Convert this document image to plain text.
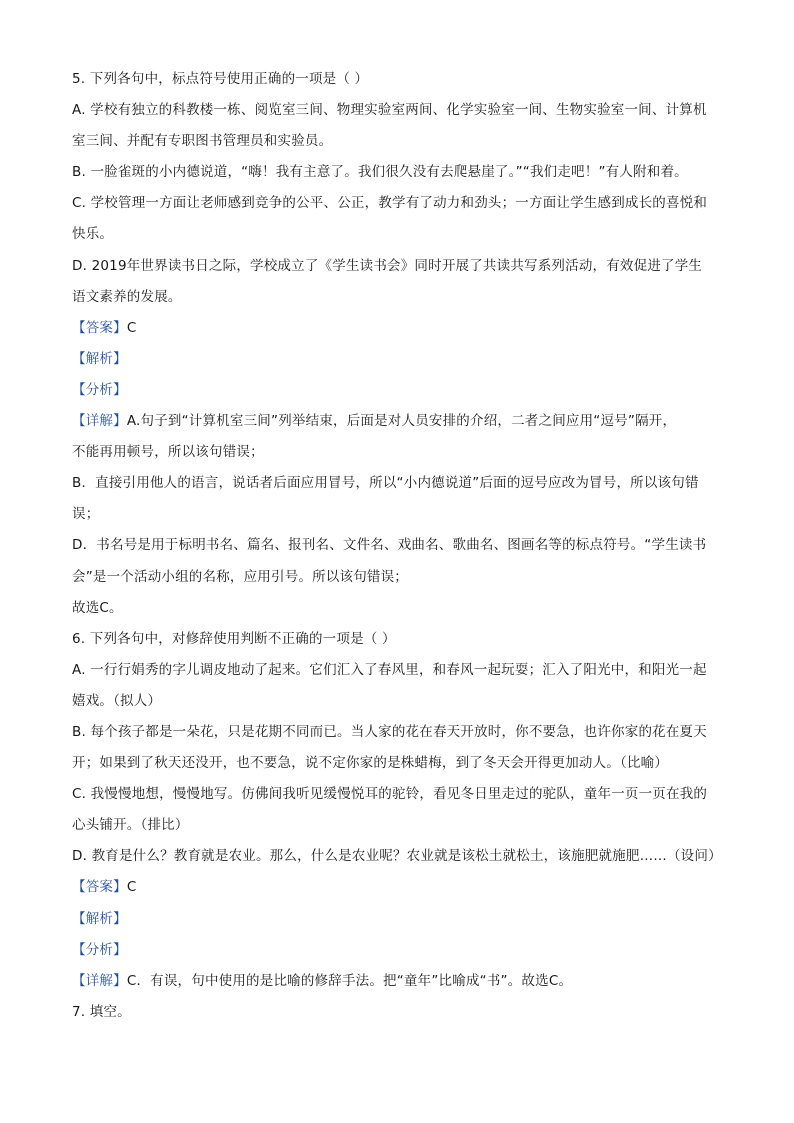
5. 下列各句中，标点符号使用正确的一项是（ ）
A. 学校有独立的科教楼一栋、阅览室三间、物理实验室两间、化学实验室一间、生物实验室一间、计算机
室三间、并配有专职图书管理员和实验员。
B. 一脸雀斑的小内德说道，“嗨！我有主意了。我们很久没有去爬悬崖了。”“我们走吧！”有人附和着。
C. 学校管理一方面让老师感到竞争的公平、公正，教学有了动力和劲头；一方面让学生感到成长的喜悦和
快乐。
D. 2019年世界读书日之际，学校成立了《学生读书会》同时开展了共读共写系列活动，有效促进了学生
语文素养的发展。
【答案】C
【解析】
【分析】
【详解】A.句子到“计算机室三间”列举结束，后面是对人员安排的介绍，二者之间应用“逗号”隔开，
不能再用顿号，所以该句错误；
B．直接引用他人的语言，说话者后面应用冒号，所以“小内德说道”后面的逗号应改为冒号，所以该句错
误；
D．书名号是用于标明书名、篇名、报刊名、文件名、戏曲名、歌曲名、图画名等的标点符号。“学生读书
会”是一个活动小组的名称，应用引号。所以该句错误；
故选C。
6. 下列各句中，对修辞使用判断不正确的一项是（ ）
A. 一行行娟秀的字儿调皮地动了起来。它们汇入了春风里，和春风一起玩耍；汇入了阳光中，和阳光一起
嬉戏。（拟人）
B. 每个孩子都是一朵花，只是花期不同而已。当人家的花在春天开放时，你不要急，也许你家的花在夏天
开；如果到了秋天还没开，也不要急，说不定你家的是株蜡梅，到了冬天会开得更加动人。（比喻）
C. 我慢慢地想，慢慢地写。仿佛间我听见缓慢悦耳的驼铃，看见冬日里走过的驼队，童年一页一页在我的
心头铺开。（排比）
D. 教育是什么？教育就是农业。那么，什么是农业呢？农业就是该松土就松土，该施肥就施肥……（设问）
【答案】C
【解析】
【分析】
【详解】C．有误，句中使用的是比喻的修辞手法。把“童年”比喻成“书”。故选C。
7. 填空。
